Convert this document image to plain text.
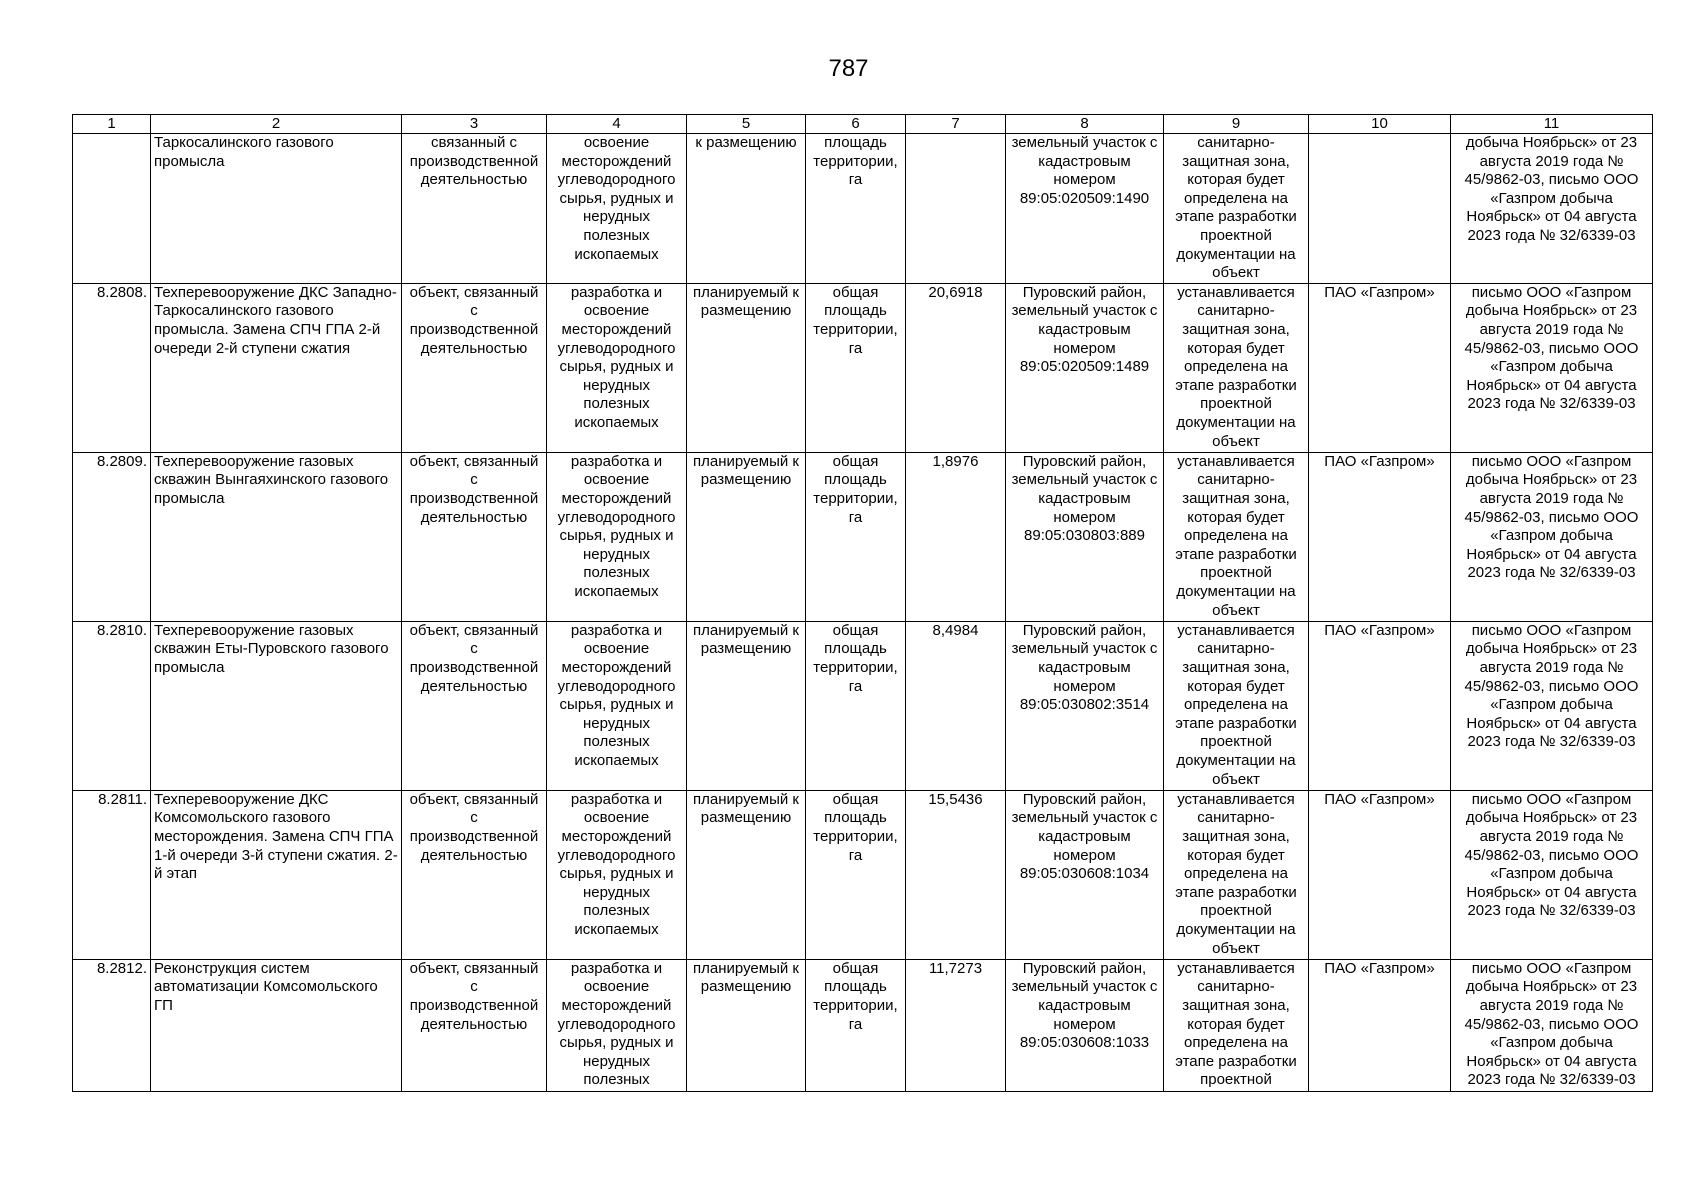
787
1	2	3	4	5	6	7	8	9	10	11
	Таркосалинского газового промысла	связанный с производственной деятельностью	освоение месторождений углеводородного сырья, рудных и нерудных полезных ископаемых	к размещению	площадь территории, га		земельный участок с кадастровым номером 89:05:020509:1490	санитарно-защитная зона, которая будет определена на этапе разработки проектной документации на объект		добыча Ноябрьск» от 23 августа 2019 года № 45/9862-03, письмо ООО «Газпром добыча Ноябрьск» от 04 августа 2023 года № 32/6339-03
8.2808.	Техперевооружение ДКС Западно-Таркосалинского газового промысла. Замена СПЧ ГПА 2-й очереди 2-й ступени сжатия	объект, связанный с производственной деятельностью	разработка и освоение месторождений углеводородного сырья, рудных и нерудных полезных ископаемых	планируемый к размещению	общая площадь территории, га	20,6918	Пуровский район, земельный участок с кадастровым номером 89:05:020509:1489	устанавливается санитарно-защитная зона, которая будет определена на этапе разработки проектной документации на объект	ПАО «Газпром»	письмо ООО «Газпром добыча Ноябрьск» от 23 августа 2019 года № 45/9862-03, письмо ООО «Газпром добыча Ноябрьск» от 04 августа 2023 года № 32/6339-03
8.2809.	Техперевооружение газовых скважин Вынгаяхинского газового промысла	объект, связанный с производственной деятельностью	разработка и освоение месторождений углеводородного сырья, рудных и нерудных полезных ископаемых	планируемый к размещению	общая площадь территории, га	1,8976	Пуровский район, земельный участок с кадастровым номером 89:05:030803:889	устанавливается санитарно-защитная зона, которая будет определена на этапе разработки проектной документации на объект	ПАО «Газпром»	письмо ООО «Газпром добыча Ноябрьск» от 23 августа 2019 года № 45/9862-03, письмо ООО «Газпром добыча Ноябрьск» от 04 августа 2023 года № 32/6339-03
8.2810.	Техперевооружение газовых скважин Еты-Пуровского газового промысла	объект, связанный с производственной деятельностью	разработка и освоение месторождений углеводородного сырья, рудных и нерудных полезных ископаемых	планируемый к размещению	общая площадь территории, га	8,4984	Пуровский район, земельный участок с кадастровым номером 89:05:030802:3514	устанавливается санитарно-защитная зона, которая будет определена на этапе разработки проектной документации на объект	ПАО «Газпром»	письмо ООО «Газпром добыча Ноябрьск» от 23 августа 2019 года № 45/9862-03, письмо ООО «Газпром добыча Ноябрьск» от 04 августа 2023 года № 32/6339-03
8.2811.	Техперевооружение ДКС Комсомольского газового месторождения. Замена СПЧ ГПА 1-й очереди 3-й ступени сжатия. 2-й этап	объект, связанный с производственной деятельностью	разработка и освоение месторождений углеводородного сырья, рудных и нерудных полезных ископаемых	планируемый к размещению	общая площадь территории, га	15,5436	Пуровский район, земельный участок с кадастровым номером 89:05:030608:1034	устанавливается санитарно-защитная зона, которая будет определена на этапе разработки проектной документации на объект	ПАО «Газпром»	письмо ООО «Газпром добыча Ноябрьск» от 23 августа 2019 года № 45/9862-03, письмо ООО «Газпром добыча Ноябрьск» от 04 августа 2023 года № 32/6339-03
8.2812.	Реконструкция систем автоматизации Комсомольского ГП	объект, связанный с производственной деятельностью	разработка и освоение месторождений углеводородного сырья, рудных и нерудных полезных	планируемый к размещению	общая площадь территории, га	11,7273	Пуровский район, земельный участок с кадастровым номером 89:05:030608:1033	устанавливается санитарно-защитная зона, которая будет определена на этапе разработки проектной	ПАО «Газпром»	письмо ООО «Газпром добыча Ноябрьск» от 23 августа 2019 года № 45/9862-03, письмо ООО «Газпром добыча Ноябрьск» от 04 августа 2023 года № 32/6339-03
